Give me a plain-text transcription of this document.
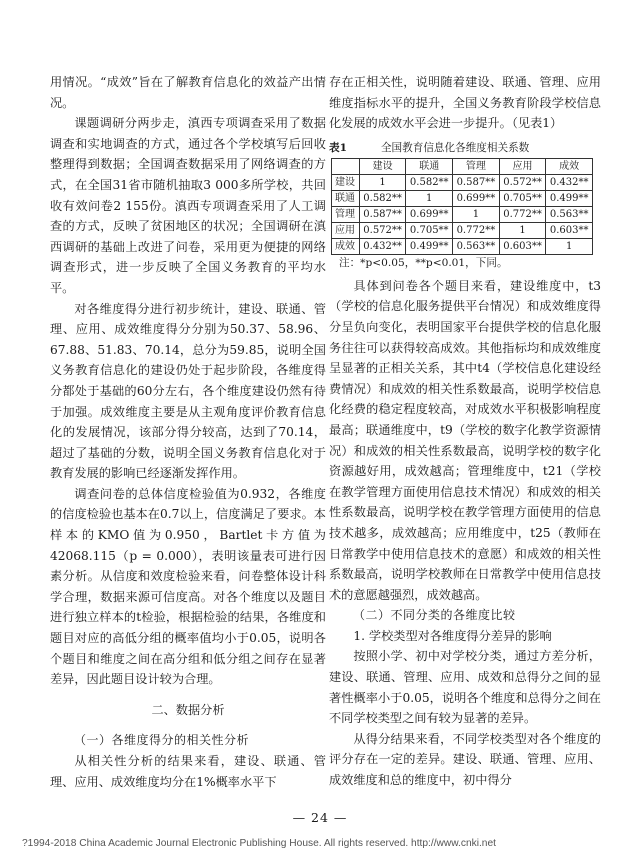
用情况。“成效”旨在了解教育信息化的效益产出情况。

课题调研分两步走，滇西专项调查采用了数据调查和实地调查的方式，通过各个学校填写后回收整理得到数据；全国调查数据采用了网络调查的方式，在全国31省市随机抽取3 000多所学校，共回收有效问卷2 155份。滇西专项调查采用了人工调查的方式，反映了贫困地区的状况；全国调研在滇西调研的基础上改进了问卷，采用更为便捷的网络调查形式，进一步反映了全国义务教育的平均水平。

对各维度得分进行初步统计，建设、联通、管理、应用、成效维度得分分别为50.37、58.96、67.88、51.83、70.14，总分为59.85，说明全国义务教育信息化的建设仍处于起步阶段，各维度得分都处于基础的60分左右，各个维度建设仍然有待于加强。成效维度主要是从主观角度评价教育信息化的发展情况，该部分得分较高，达到了70.14，超过了基础的分数，说明全国义务教育信息化对于教育发展的影响已经逐渐发挥作用。

调查问卷的总体信度检验值为0.932，各维度的信度检验也基本在0.7以上，信度满足了要求。本样本的KMO值为0.950，Bartlet卡方值为42068.115（p = 0.000），表明该量表可进行因素分析。从信度和效度检验来看，问卷整体设计科学合理，数据来源可信度高。对各个维度以及题目进行独立样本的t检验，根据检验的结果，各维度和题目对应的高低分组的概率值均小于0.05，说明各个题目和维度之间在高分组和低分组之间存在显著差异，因此题目设计较为合理。

二、数据分析

（一）各维度得分的相关性分析

从相关性分析的结果来看，建设、联通、管理、应用、成效维度均分在1%概率水平下

存在正相关性，说明随着建设、联通、管理、应用维度指标水平的提升，全国义务教育阶段学校信息化发展的成效水平会进一步提升。（见表1）

表1	全国教育信息化各维度相关系数
	建设	联通	管理	应用	成效
建设	1	0.582**	0.587**	0.572**	0.432**
联通	0.582**	1	0.699**	0.705**	0.499**
管理	0.587**	0.699**	1	0.772**	0.563**
应用	0.572**	0.705**	0.772**	1	0.603**
成效	0.432**	0.499**	0.563**	0.603**	1
注：*p<0.05，**p<0.01，下同。

具体到问卷各个题目来看，建设维度中，t3（学校的信息化服务提供平台情况）和成效维度得分呈负向变化，表明国家平台提供学校的信息化服务往往可以获得较高成效。其他指标均和成效维度呈显著的正相关关系，其中t4（学校信息化建设经费情况）和成效的相关性系数最高，说明学校信息化经费的稳定程度较高，对成效水平积极影响程度最高；联通维度中，t9（学校的数字化教学资源情况）和成效的相关性系数最高，说明学校的数字化资源越好用，成效越高；管理维度中，t21（学校在教学管理方面使用信息技术情况）和成效的相关性系数最高，说明学校在教学管理方面使用的信息技术越多，成效越高；应用维度中，t25（教师在日常教学中使用信息技术的意愿）和成效的相关性系数最高，说明学校教师在日常教学中使用信息技术的意愿越强烈，成效越高。

（二）不同分类的各维度比较

1. 学校类型对各维度得分差异的影响

按照小学、初中对学校分类，通过方差分析，建设、联通、管理、应用、成效和总得分之间的显著性概率小于0.05，说明各个维度和总得分之间在不同学校类型之间有较为显著的差异。

从得分结果来看，不同学校类型对各个维度的评分存在一定的差异。建设、联通、管理、应用、成效维度和总的维度中，初中得分

— 24 —
?1994-2018 China Academic Journal Electronic Publishing House. All rights reserved. http://www.cnki.net
